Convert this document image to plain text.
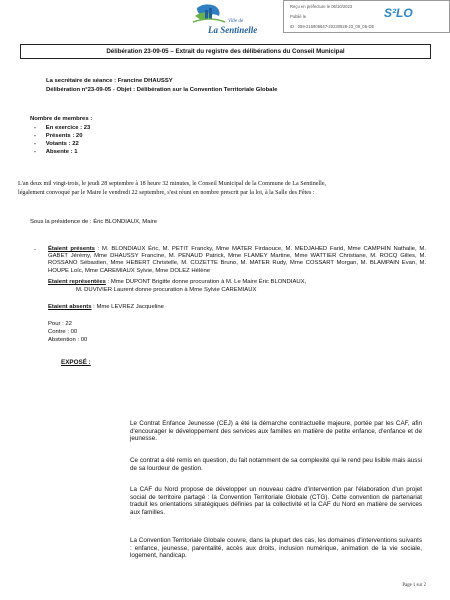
Ville de
La Sentinelle
Reçu en préfecture le 06/10/2023
Publié le
ID : 059-215905647-20230928-23_09_05-DE
S²LO
Délibération 23-09-05 – Extrait du registre des délibérations du Conseil Municipal
La secrétaire de séance : Francine DHAUSSY
Délibération n°23-09-05 - Objet : Délibération sur la Convention Territoriale Globale
Nombre de membres :
-      En exercice : 23
-      Présents : 20
-      Votants : 22
-      Absente : 1
L'an deux mil vingt-trois, le jeudi 28 septembre à 18 heure 32 minutes, le Conseil Municipal de la Commune de La Sentinelle,
légalement convoqué par le Maire le vendredi 22 septembre, s'est réuni en nombre prescrit par la loi, à la Salle des Fêtes :
Sous la présidence de : Éric BLONDIAUX, Maire
- Étaient présents : M. BLONDIAUX Éric, M. PETIT Francky, Mme MATER Firdaouce, M. MEDJAHED Farid, Mme CAMPHIN Nathalie, M. GABET Jérémy, Mme DHAUSSY Francine, M. PENAUD Patrick, Mme FLAMEY Martine, Mme WATTIER Christiane, M. ROCQ Gilles, M. ROSSANO Sébastien, Mme HEBERT Christelle, M. COZETTE Bruno, M. MATER Rudy, Mme COSSART Morgan, M. BLAMPAIN Evan, M. HOUPE Loïc, Mme CAREMIAUX Sylvie, Mme DOLEZ Hélène
Etaient représentées : Mme DUPONT Brigitte donne procuration à M. Le Maire Éric BLONDIAUX,
M. DUVIVIER Laurent donne procuration à Mme Sylvie CAREMIAUX
Etaient absents : Mme LEVREZ Jacqueline
Pour : 22
Contre : 00
Abstention : 00
EXPOSÉ :
Le Contrat Enfance Jeunesse (CEJ) a été la démarche contractuelle majeure, portée par les CAF, afin d'encourager le développement des services aux familles en matière de petite enfance, d'enfance et de jeunesse.
Ce contrat a été remis en question, du fait notamment de sa complexité qui le rend peu lisible mais aussi de sa lourdeur de gestion.
La CAF du Nord propose de développer un nouveau cadre d'intervention par l'élaboration d'un projet social de territoire partagé : la Convention Territoriale Globale (CTG). Cette convention de partenariat traduit les orientations stratégiques définies par la collectivité et la CAF du Nord en matière de services aux familles.
La Convention Territoriale Globale couvre, dans la plupart des cas, les domaines d'interventions suivants : enfance, jeunesse, parentalité, accès aux droits, inclusion numérique, animation de la vie sociale, logement, handicap.
Page 1 sur 2
